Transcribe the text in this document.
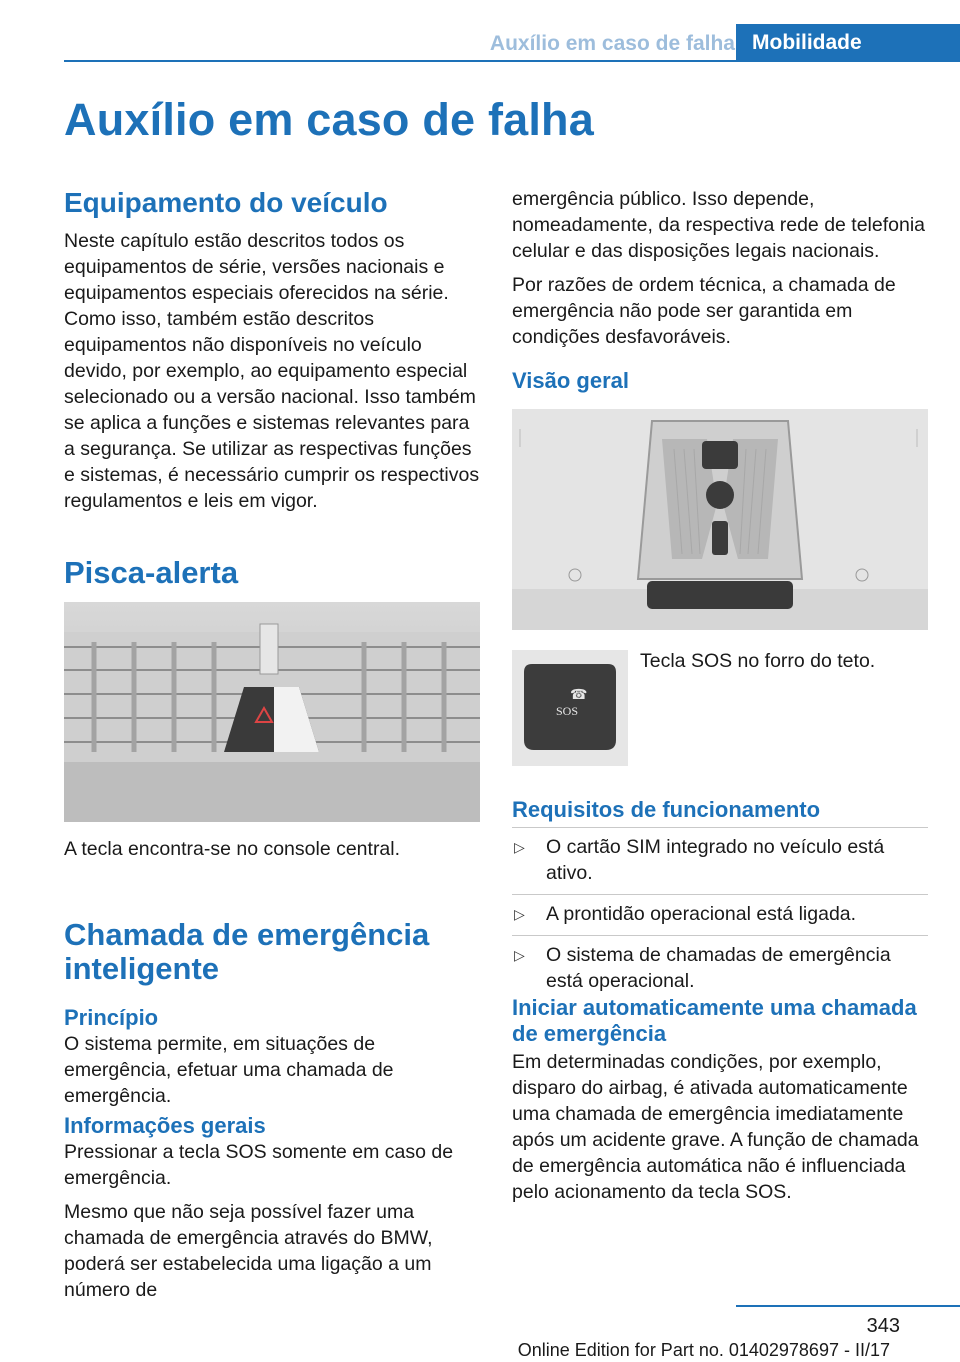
Auxílio em caso de falha Mobilidade
Auxílio em caso de falha
Equipamento do veículo

Neste capítulo estão descritos todos os equipamentos de série, versões nacionais e equipamentos especiais oferecidos na série. Como isso, também estão descritos equipamentos não disponíveis no veículo devido, por exemplo, ao equipamento especial selecionado ou a versão nacional. Isso também se aplica a funções e sistemas relevantes para a segurança. Se utilizar as respectivas funções e sistemas, é necessário cumprir os respectivos regulamentos e leis em vigor.

Pisca-alerta

A tecla encontra-se no console central.

Chamada de emergência
inteligente
Princípio

O sistema permite, em situações de emergência, efetuar uma chamada de emergência.

Informações gerais

Pressionar a tecla SOS somente em caso de emergência.

Mesmo que não seja possível fazer uma chamada de emergência através do BMW, poderá ser estabelecida uma ligação a um número de

emergência público. Isso depende, nomeadamente, da respectiva rede de telefonia celular e das disposições legais nacionais.

Por razões de ordem técnica, a chamada de emergência não pode ser garantida em condições desfavoráveis.

Visão geral
SOS
☎

Tecla SOS no forro do teto.

Requisitos de funcionamento
▷ O cartão SIM integrado no veículo está ativo.
▷ A prontidão operacional está ligada.
▷ O sistema de chamadas de emergência está operacional.
Iniciar automaticamente uma chamada de emergência

Em determinadas condições, por exemplo, disparo do airbag, é ativada automaticamente uma chamada de emergência imediatamente após um acidente grave. A função de chamada de emergência automática não é influenciada pelo acionamento da tecla SOS.

343
Online Edition for Part no. 01402978697 - II/17
